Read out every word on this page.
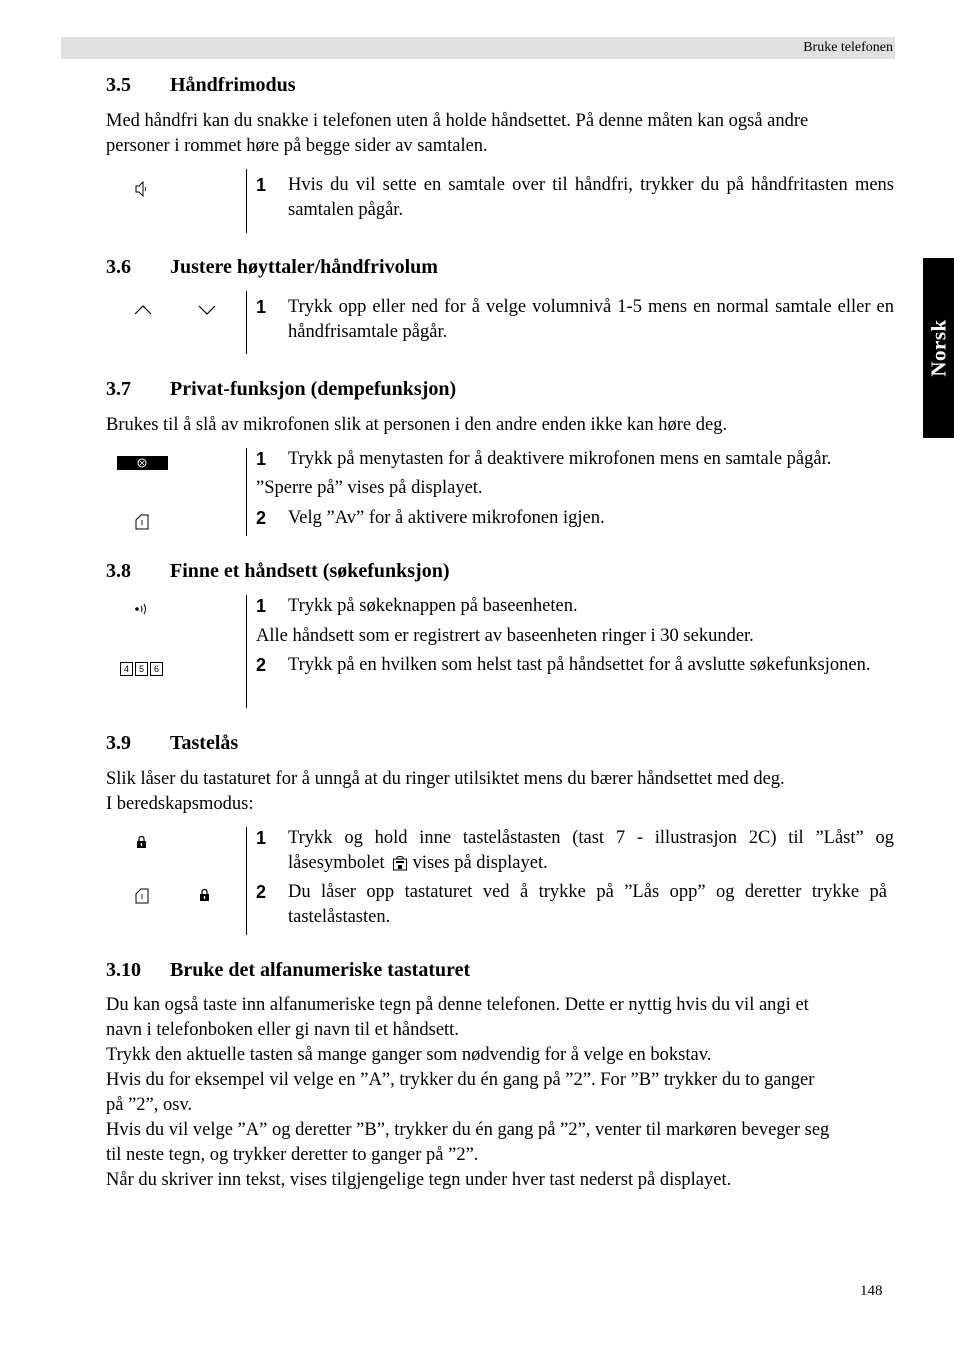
Bruke telefonen
Norsk
3.5 Håndfrimodus
Med håndfri kan du snakke i telefonen uten å holde håndsettet. På denne måten kan også andre
personer i rommet høre på begge sider av samtalen.
1 Hvis du vil sette en samtale over til håndfri, trykker du på håndfritasten mens samtalen pågår.
3.6 Justere høyttaler/håndfrivolum
1 Trykk opp eller ned for å velge volumnivå 1-5 mens en normal samtale eller en håndfrisamtale pågår.
3.7 Privat-funksjon (dempefunksjon)
Brukes til å slå av mikrofonen slik at personen i den andre enden ikke kan høre deg.
1 Trykk på menytasten for å deaktivere mikrofonen mens en samtale pågår.
”Sperre på” vises på displayet.
2 Velg ”Av” for å aktivere mikrofonen igjen.
3.8 Finne et håndsett (søkefunksjon)
4	5	6
1 Trykk på søkeknappen på baseenheten.
Alle håndsett som er registrert av baseenheten ringer i 30 sekunder.
2 Trykk på en hvilken som helst tast på håndsettet for å avslutte søkefunksjonen.
3.9 Tastelås
Slik låser du tastaturet for å unngå at du ringer utilsiktet mens du bærer håndsettet med deg.
I beredskapsmodus:
1 Trykk og hold inne tastelåstasten (tast 7 - illustrasjon 2C) til ”Låst” og
låsesymbolet vises på displayet.
2 Du låser opp tastaturet ved å trykke på ”Lås opp” og deretter trykke på tastelåstasten.
3.10 Bruke det alfanumeriske tastaturet
Du kan også taste inn alfanumeriske tegn på denne telefonen. Dette er nyttig hvis du vil angi et
navn i telefonboken eller gi navn til et håndsett.
Trykk den aktuelle tasten så mange ganger som nødvendig for å velge en bokstav.
Hvis du for eksempel vil velge en ”A”, trykker du én gang på ”2”. For ”B” trykker du to ganger
på ”2”, osv.
Hvis du vil velge ”A” og deretter ”B”, trykker du én gang på ”2”, venter til markøren beveger seg
til neste tegn, og trykker deretter to ganger på ”2”.
Når du skriver inn tekst, vises tilgjengelige tegn under hver tast nederst på displayet.
148
